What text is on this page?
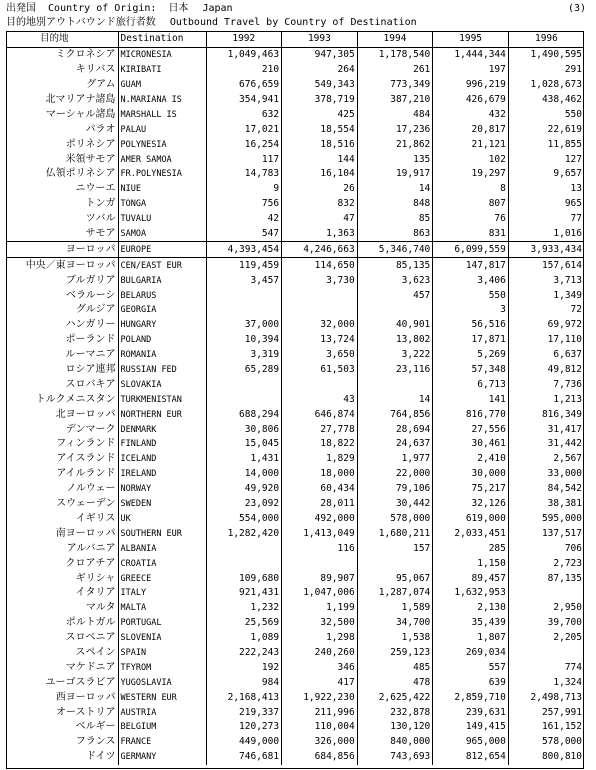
出発国 Country of Origin: 日本 Japan	(3)
目的地別アウトバウンド旅行者数 Outbound Travel by Country of Destination
目的地	Destination	1992	1993	1994	1995	1996
ミクロネシア	MICRONESIA	1,049,463	947,305	1,178,540	1,444,344	1,490,595
キリバス	KIRIBATI	210	264	261	197	291
グアム	GUAM	676,659	549,343	773,349	996,219	1,028,673
北マリアナ諸島	N.MARIANA IS	354,941	378,719	387,210	426,679	438,462
マーシャル諸島	MARSHALL IS	632	425	484	432	550
パラオ	PALAU	17,021	18,554	17,236	20,817	22,619
ポリネシア	POLYNESIA	16,254	18,516	21,862	21,121	11,855
米領サモア	AMER SAMOA	117	144	135	102	127
仏領ポリネシア	FR.POLYNESIA	14,783	16,104	19,917	19,297	9,657
ニウーエ	NIUE	9	26	14	8	13
トンガ	TONGA	756	832	848	807	965
ツバル	TUVALU	42	47	85	76	77
サモア	SAMOA	547	1,363	863	831	1,016
ヨーロッパ	EUROPE	4,393,454	4,246,663	5,346,740	6,099,559	3,933,434
中央／東ヨーロッパ	CEN/EAST EUR	119,459	114,650	85,135	147,817	157,614
ブルガリア	BULGARIA	3,457	3,730	3,623	3,406	3,713
ベラルーシ	BELARUS			457	550	1,349
グルジア	GEORGIA				3	72
ハンガリー	HUNGARY	37,000	32,000	40,901	56,516	69,972
ポーランド	POLAND	10,394	13,724	13,802	17,871	17,110
ルーマニア	ROMANIA	3,319	3,650	3,222	5,269	6,637
ロシア連邦	RUSSIAN FED	65,289	61,503	23,116	57,348	49,812
スロバキア	SLOVAKIA				6,713	7,736
トルクメニスタン	TURKMENISTAN		43	14	141	1,213
北ヨーロッパ	NORTHERN EUR	688,294	646,874	764,856	816,770	816,349
デンマーク	DENMARK	30,806	27,778	28,694	27,556	31,417
フィンランド	FINLAND	15,045	18,822	24,637	30,461	31,442
アイスランド	ICELAND	1,431	1,829	1,977	2,410	2,567
アイルランド	IRELAND	14,000	18,000	22,000	30,000	33,000
ノルウェー	NORWAY	49,920	60,434	79,106	75,217	84,542
スウェーデン	SWEDEN	23,092	28,011	30,442	32,126	38,381
イギリス	UK	554,000	492,000	578,000	619,000	595,000
南ヨーロッパ	SOUTHERN EUR	1,282,420	1,413,049	1,680,211	2,033,451	137,517
アルバニア	ALBANIA		116	157	285	706
クロアチア	CROATIA				1,150	2,723
ギリシャ	GREECE	109,680	89,907	95,067	89,457	87,135
イタリア	ITALY	921,431	1,047,006	1,287,074	1,632,953	
マルタ	MALTA	1,232	1,199	1,589	2,130	2,950
ポルトガル	PORTUGAL	25,569	32,500	34,700	35,439	39,700
スロベニア	SLOVENIA	1,089	1,298	1,538	1,807	2,205
スペイン	SPAIN	222,243	240,260	259,123	269,034	
マケドニア	TFYROM	192	346	485	557	774
ユーゴスラビア	YUGOSLAVIA	984	417	478	639	1,324
西ヨーロッパ	WESTERN EUR	2,168,413	1,922,230	2,625,422	2,859,710	2,498,713
オーストリア	AUSTRIA	219,337	211,996	232,878	239,631	257,991
ベルギー	BELGIUM	120,273	110,004	130,120	149,415	161,152
フランス	FRANCE	449,000	326,000	840,000	965,000	578,000
ドイツ	GERMANY	746,681	684,856	743,693	812,654	800,810
